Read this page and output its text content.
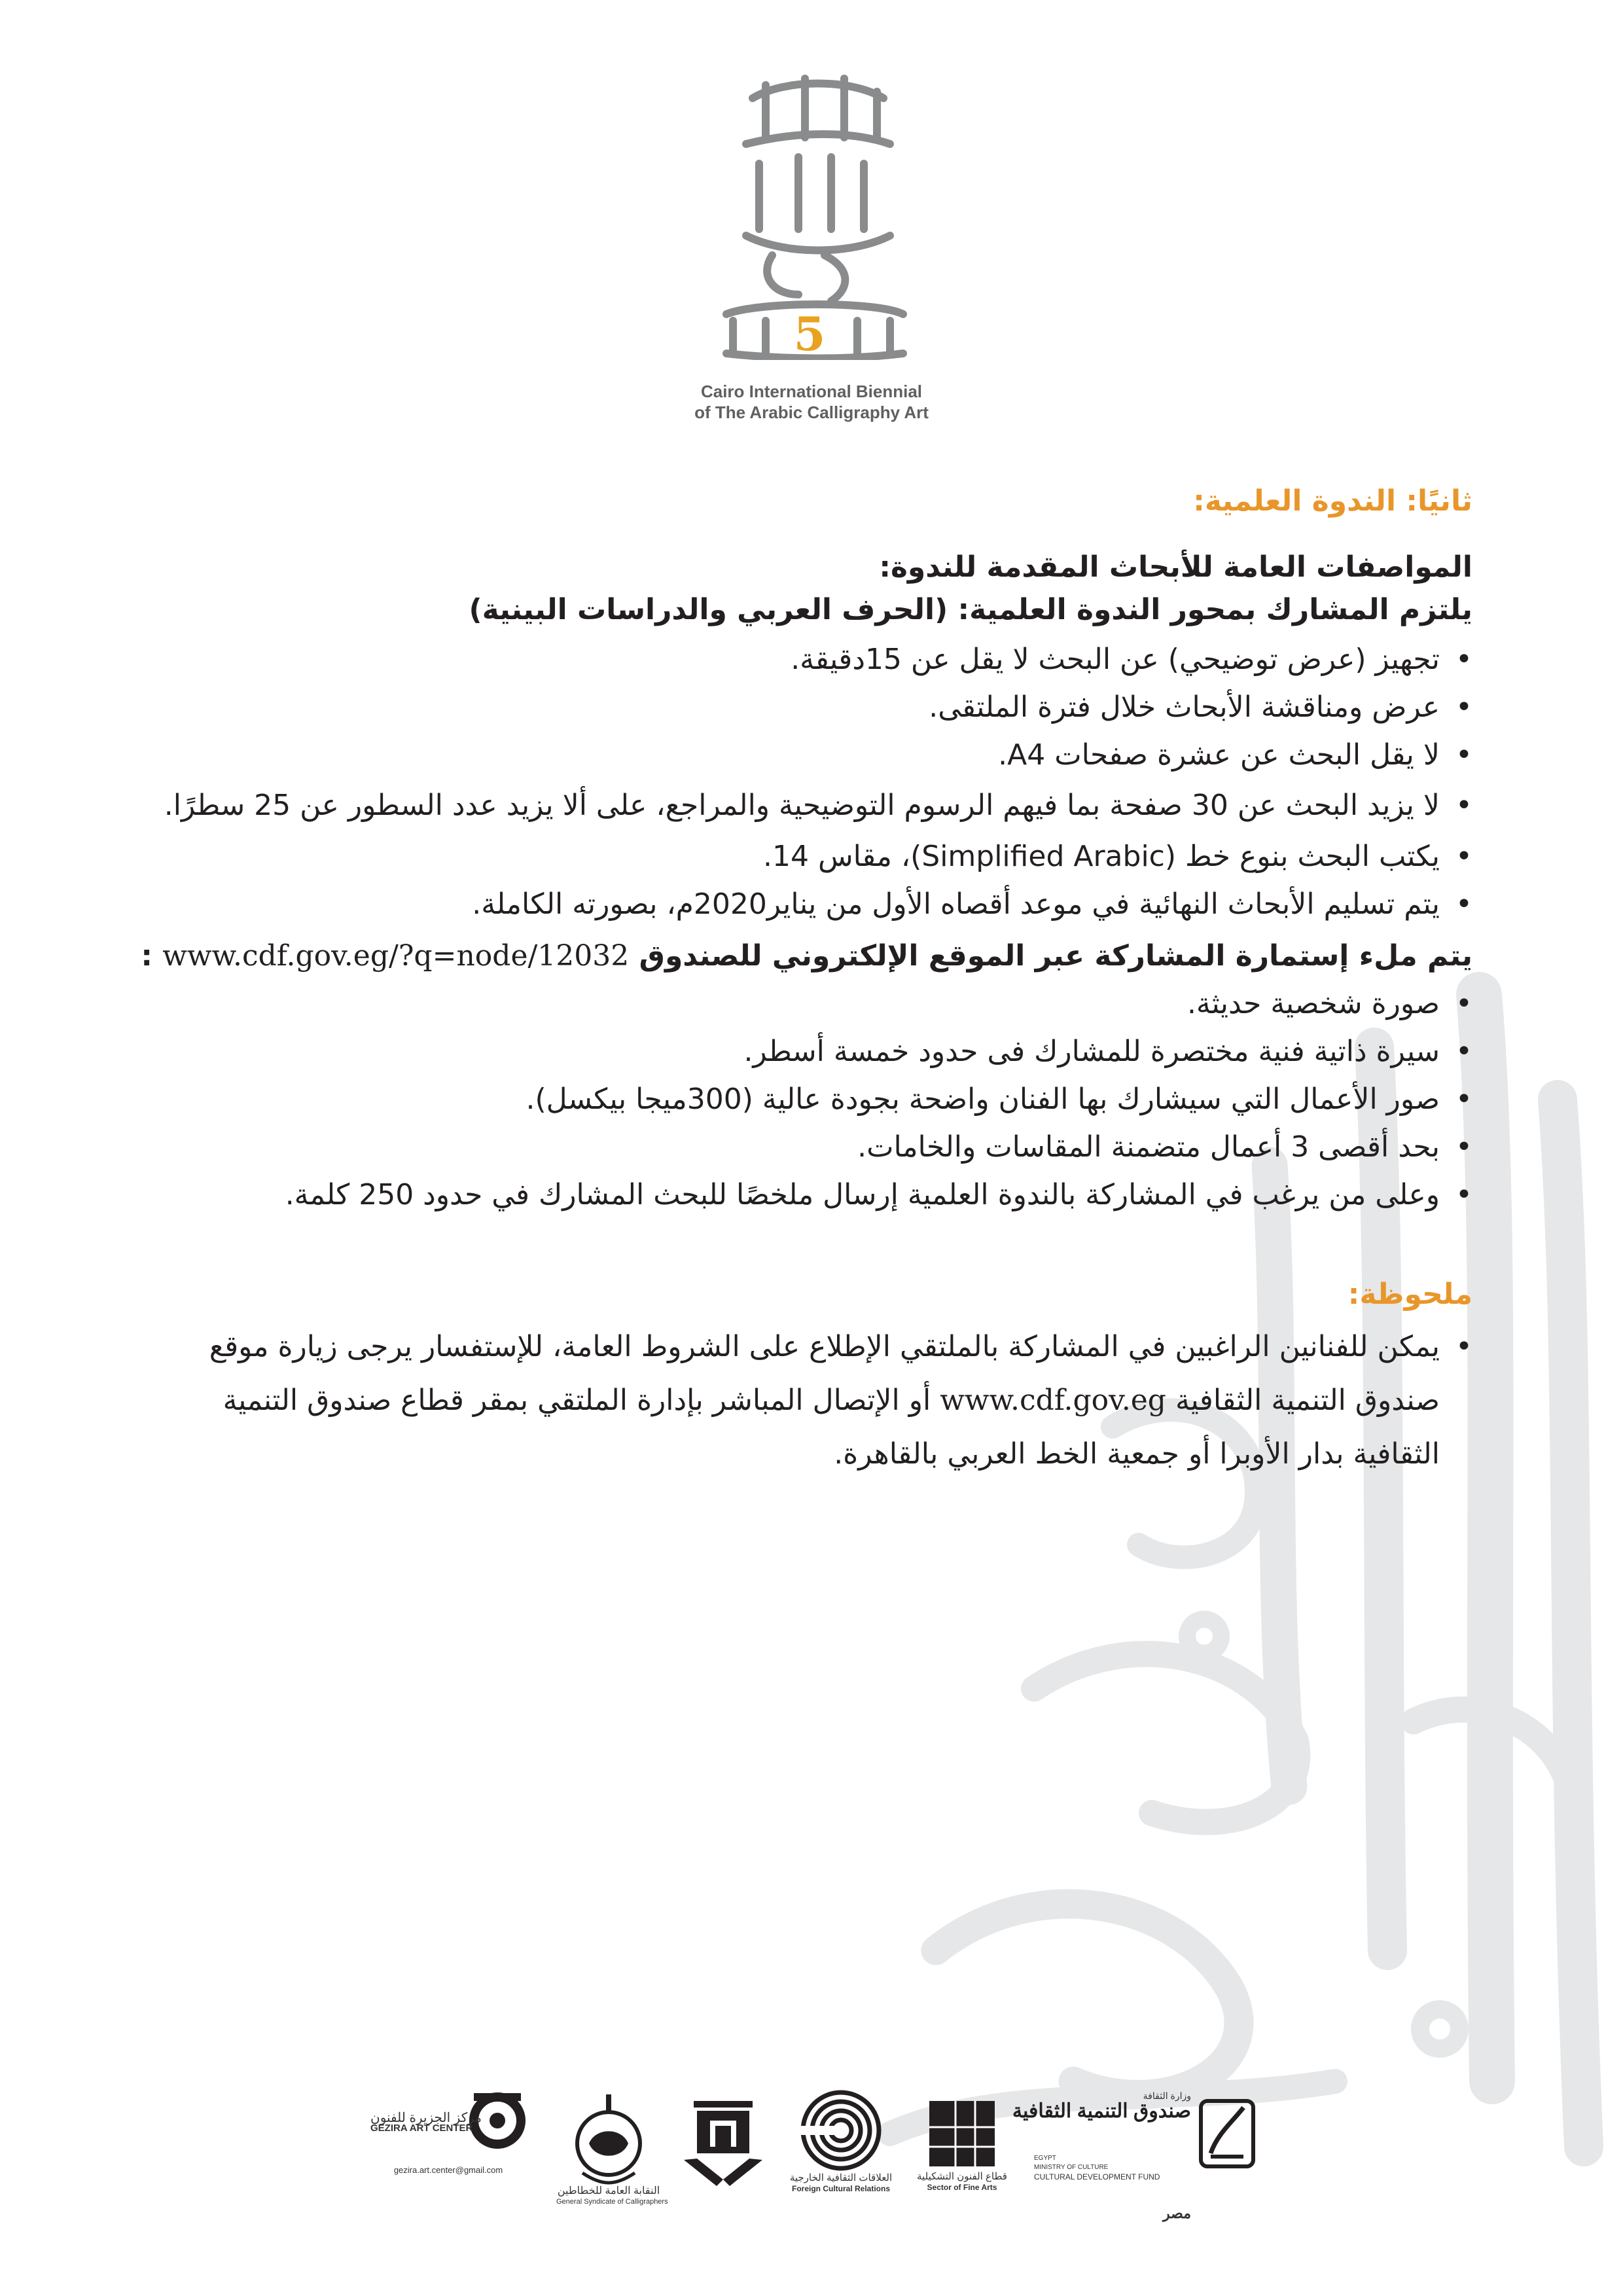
5
Cairo International Biennial
of The Arabic Calligraphy Art

ثانيًا: الندوة العلمية:

المواصفات العامة للأبحاث المقدمة للندوة:

يلتزم المشارك بمحور الندوة العلمية: (الحرف العربي والدراسات البينية)

• تجهيز (عرض توضيحي) عن البحث لا يقل عن 15دقيقة.

• عرض ومناقشة الأبحاث خلال فترة الملتقى.

• لا يقل البحث عن عشرة صفحات A4.

• لا يزيد البحث عن 30 صفحة بما فيهم الرسوم التوضيحية والمراجع، على ألا يزيد عدد السطور عن 25 سطرًا.

• يكتب البحث بنوع خط (Simplified Arabic)، مقاس 14.

• يتم تسليم الأبحاث النهائية في موعد أقصاه الأول من يناير2020م، بصورته الكاملة.

يتم ملء إستمارة المشاركة عبر الموقع الإلكتروني للصندوق www.cdf.gov.eg/?q=node/12032 :

• صورة شخصية حديثة.

• سيرة ذاتية فنية مختصرة للمشارك فى حدود خمسة أسطر.

• صور الأعمال التي سيشارك بها الفنان واضحة بجودة عالية (300ميجا بيكسل).

• بحد أقصى 3 أعمال متضمنة المقاسات والخامات.

• وعلى من يرغب في المشاركة بالندوة العلمية إرسال ملخصًا للبحث المشارك في حدود 250 كلمة.

ملحوظة:

• يمكن للفنانين الراغبين في المشاركة بالملتقي الإطلاع على الشروط العامة، للإستفسار يرجى زيارة موقع صندوق التنمية الثقافية www.cdf.gov.eg أو الإتصال المباشر بإدارة الملتقي بمقر قطاع صندوق التنمية الثقافية بدار الأوبرا أو جمعية الخط العربي بالقاهرة.

مركز الجزيرة للفنون
GEZIRA ART CENTER
gezira.art.center@gmail.com
النقابة العامة للخطاطين
General Syndicate of Calligraphers
العلاقات الثقافية الخارجية
Foreign Cultural Relations
قطاع الفنون التشكيلية
Sector of Fine Arts
مصر
وزارة الثقافة
صندوق التنمية الثقافية
EGYPT
MINISTRY OF CULTURE
CULTURAL DEVELOPMENT FUND
